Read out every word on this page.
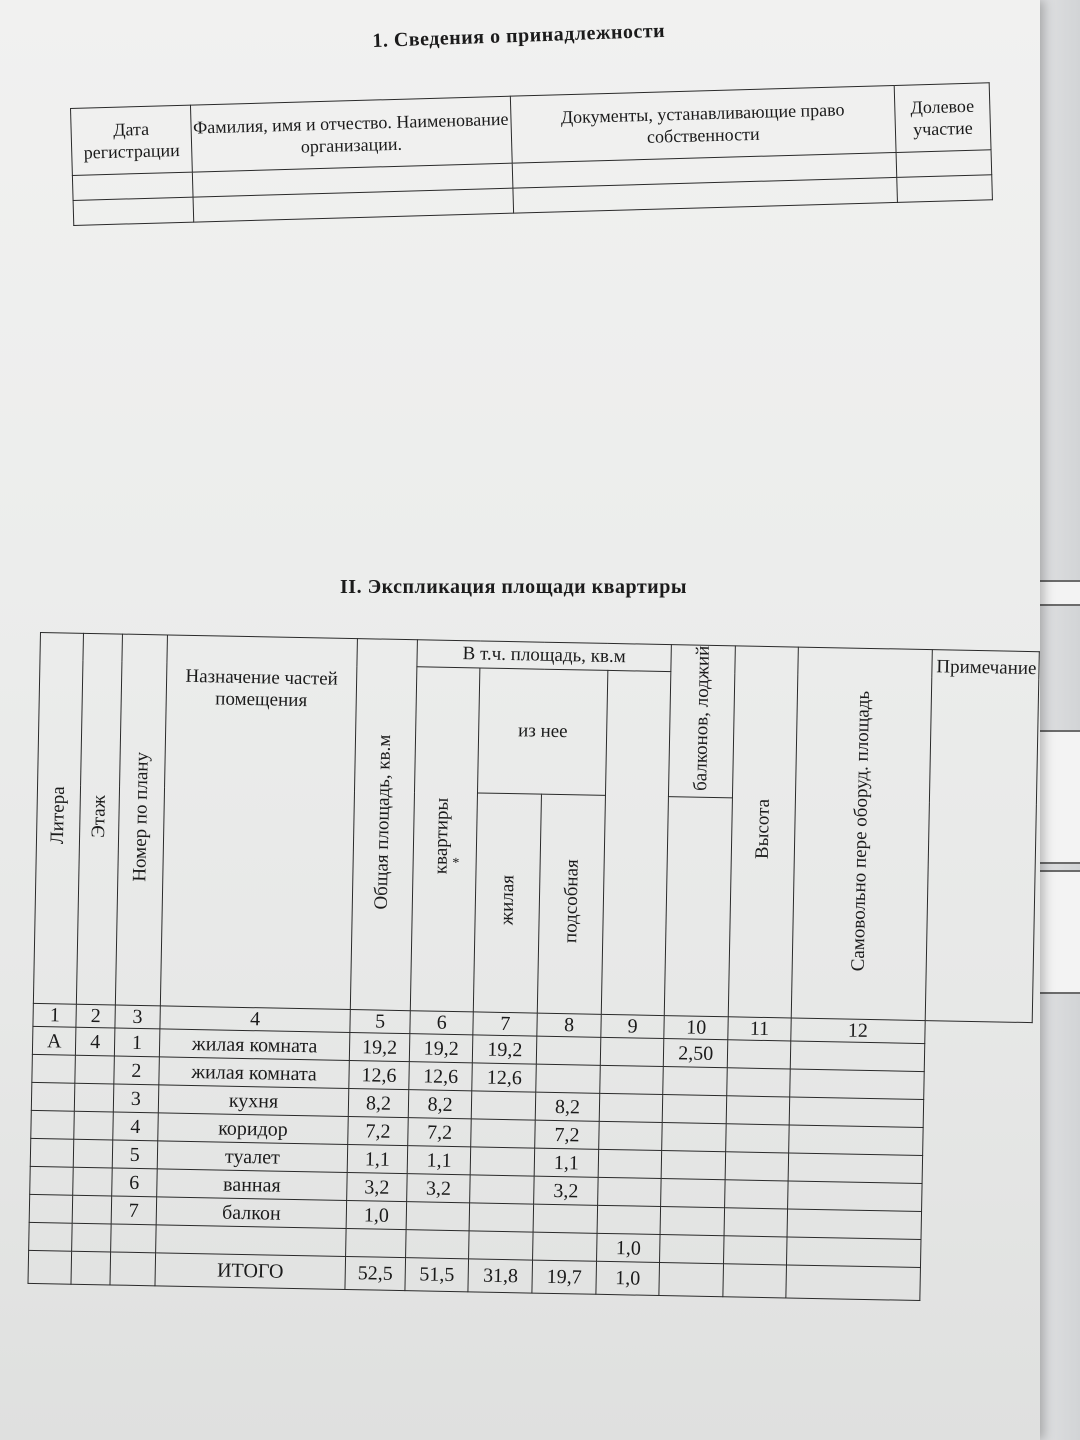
1. Сведения о принадлежности
Дата регистрации	Фамилия, имя и отчество. Наименование организации.	Документы, устанавливающие право собственности	Долевое участие

II. Экспликация площади квартиры
Литера	Этаж	Номер по плану	Назначение частей помещения	Общая площадь, кв.м	В т.ч. площадь, кв.м				балконов, лоджий	Высота	Самовольно пере оборуд. площадь	Примечание
					квартиры*	из нее						
						жилая	подсобная				
1	2	3	4	5	6	7	8	9	10	11	12	
А	4	1	жилая комната	19,2	19,2	19,2			2,50			
		2	жилая комната	12,6	12,6	12,6						
		3	кухня	8,2	8,2		8,2					
		4	коридор	7,2	7,2		7,2					
		5	туалет	1,1	1,1		1,1					
		6	ванная	3,2	3,2		3,2					
		7	балкон	1,0								
								1,0				
			ИТОГО	52,5	51,5	31,8	19,7	1,0				
